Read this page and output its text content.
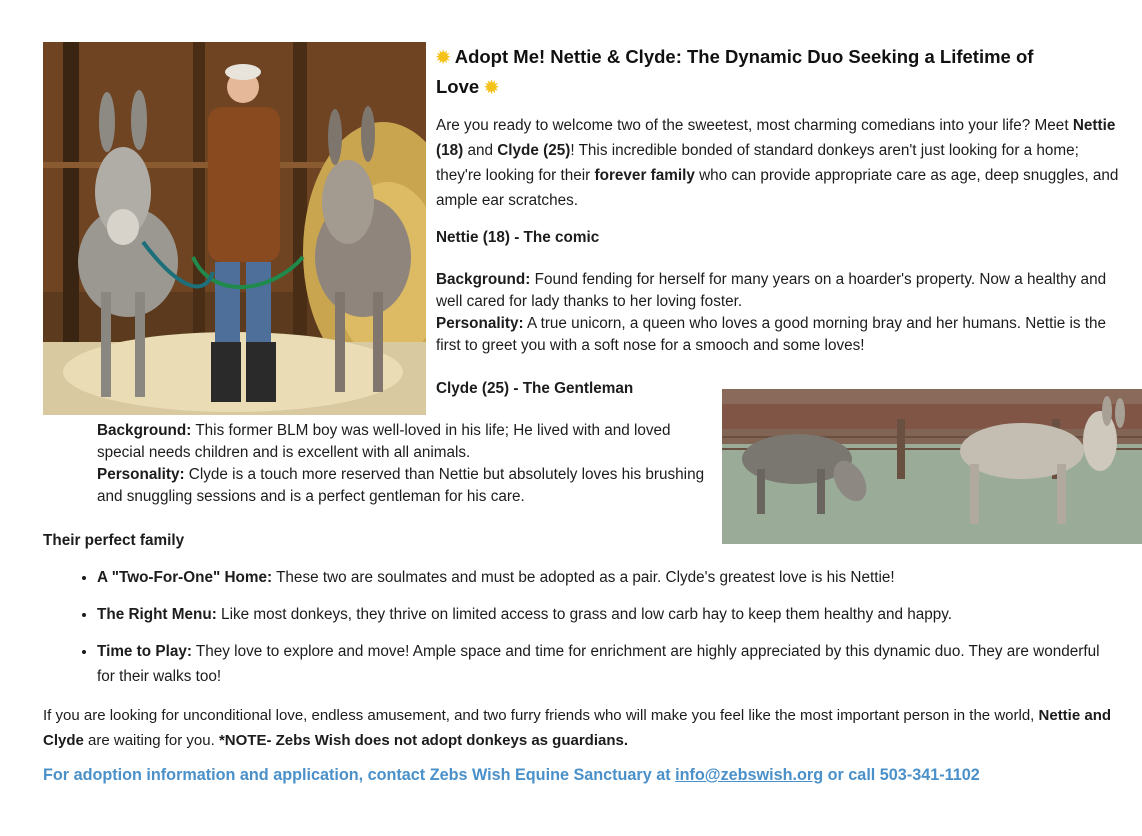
✹ Adopt Me! Nettie & Clyde: The Dynamic Duo Seeking a Lifetime of
Love ✹
Are you ready to welcome two of the sweetest, most charming comedians into your life? Meet Nettie (18) and Clyde (25)! This incredible bonded of standard donkeys aren't just looking for a home; they're looking for their forever family who can provide appropriate care as age, deep snuggles, and ample ear scratches.
Nettie (18) - The comic
Background: Found fending for herself for many years on a hoarder's property. Now a healthy and well cared for lady thanks to her loving foster.
Personality: A true unicorn, a queen who loves a good morning bray and her humans. Nettie is the first to greet you with a soft nose for a smooch and some loves!
Clyde (25) - The Gentleman
Background: This former BLM boy was well-loved in his life; He lived with and loved special needs children and is excellent with all animals.
Personality: Clyde is a touch more reserved than Nettie but absolutely loves his brushing and snuggling sessions and is a perfect gentleman for his care.
Their perfect family
• A "Two-For-One" Home: These two are soulmates and must be adopted as a pair. Clyde's greatest love is his Nettie!
• The Right Menu: Like most donkeys, they thrive on limited access to grass and low carb hay to keep them healthy and happy.
• Time to Play: They love to explore and move! Ample space and time for enrichment are highly appreciated by this dynamic duo. They are wonderful for their walks too!
If you are looking for unconditional love, endless amusement, and two furry friends who will make you feel like the most important person in the world, Nettie and Clyde are waiting for you. *NOTE- Zebs Wish does not adopt donkeys as guardians.
For adoption information and application, contact Zebs Wish Equine Sanctuary at info@zebswish.org or call 503-341-1102
